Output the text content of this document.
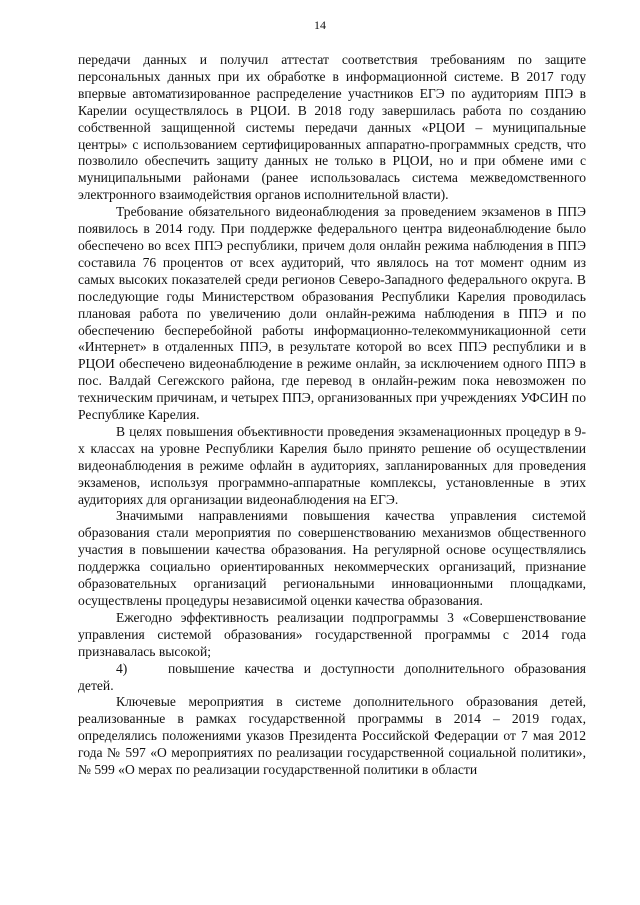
14

передачи данных и получил аттестат соответствия требованиям по защите персональных данных при их обработке в информационной системе. В 2017 году впервые автоматизированное распределение участников ЕГЭ по аудиториям ППЭ в Карелии осуществлялось в РЦОИ. В 2018 году завершилась работа по созданию собственной защищенной системы передачи данных «РЦОИ – муниципальные центры» с использованием сертифицированных аппаратно-программных средств, что позволило обеспечить защиту данных не только в РЦОИ, но и при обмене ими с муниципальными районами (ранее использовалась система межведомственного электронного взаимодействия органов исполнительной власти).

Требование обязательного видеонаблюдения за проведением экзаменов в ППЭ появилось в 2014 году. При поддержке федерального центра видеонаблюдение было обеспечено во всех ППЭ республики, причем доля онлайн режима наблюдения в ППЭ составила 76 процентов от всех аудиторий, что являлось на тот момент одним из самых высоких показателей среди регионов Северо-Западного федерального округа. В последующие годы Министерством образования Республики Карелия проводилась плановая работа по увеличению доли онлайн-режима наблюдения в ППЭ и по обеспечению бесперебойной работы информационно-телекоммуникационной сети «Интернет» в отдаленных ППЭ, в результате которой во всех ППЭ республики и в РЦОИ обеспечено видеонаблюдение в режиме онлайн, за исключением одного ППЭ в пос. Валдай Сегежского района, где перевод в онлайн-режим пока невозможен по техническим причинам, и четырех ППЭ, организованных при учреждениях УФСИН по Республике Карелия.

В целях повышения объективности проведения экзаменационных процедур в 9-х классах на уровне Республики Карелия было принято решение об осуществлении видеонаблюдения в режиме офлайн в аудиториях, запланированных для проведения экзаменов, используя программно-аппаратные комплексы, установленные в этих аудиториях для организации видеонаблюдения на ЕГЭ.

Значимыми направлениями повышения качества управления системой образования стали мероприятия по совершенствованию механизмов общественного участия в повышении качества образования. На регулярной основе осуществлялись поддержка социально ориентированных некоммерческих организаций, признание образовательных организаций региональными инновационными площадками, осуществлены процедуры независимой оценки качества образования.

Ежегодно эффективность реализации подпрограммы 3 «Совершенствование управления системой образования» государственной программы с 2014 года признавалась высокой;

4)	повышение качества и доступности дополнительного образования детей.

Ключевые мероприятия в системе дополнительного образования детей, реализованные в рамках государственной программы в 2014 – 2019 годах, определялись положениями указов Президента Российской Федерации от 7 мая 2012 года № 597 «О мероприятиях по реализации государственной социальной политики», № 599 «О мерах по реализации государственной политики в области
